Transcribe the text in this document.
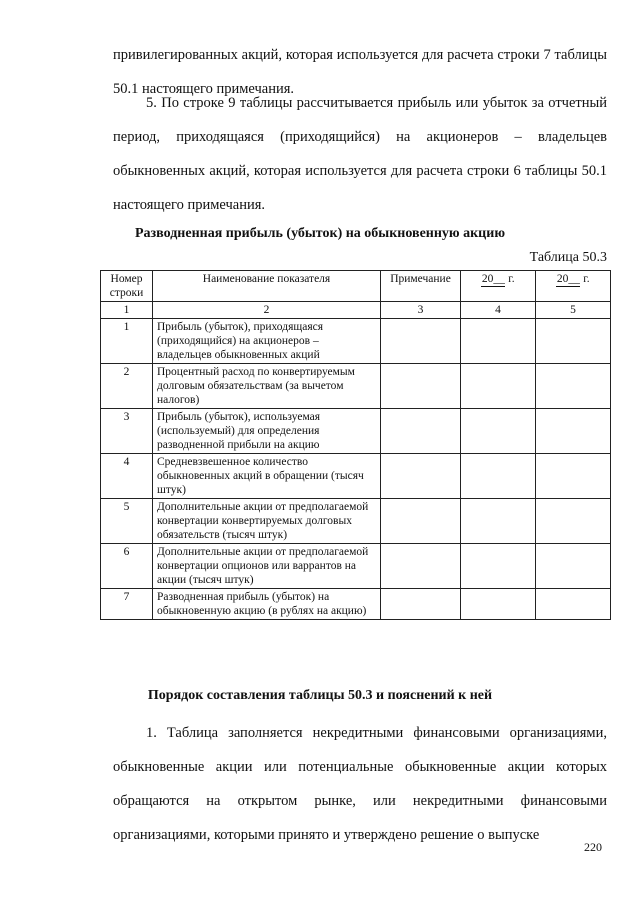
привилегированных акций, которая используется для расчета строки 7 таблицы 50.1 настоящего примечания.
5. По строке 9 таблицы рассчитывается прибыль или убыток за отчетный период, приходящаяся (приходящийся) на акционеров – владельцев обыкновенных акций, которая используется для расчета строки 6 таблицы 50.1 настоящего примечания.
Разводненная прибыль (убыток) на обыкновенную акцию
Таблица 50.3
Номер строки	Наименование показателя	Примечание	20__ г.	20__ г.
1	2	3	4	5
1	Прибыль (убыток), приходящаяся (приходящийся) на акционеров – владельцев обыкновенных акций			
2	Процентный расход по конвертируемым долговым обязательствам (за вычетом налогов)			
3	Прибыль (убыток), используемая (используемый) для определения разводненной прибыли на акцию			
4	Средневзвешенное количество обыкновенных акций в обращении (тысяч штук)			
5	Дополнительные акции от предполагаемой конвертации конвертируемых долговых обязательств (тысяч штук)			
6	Дополнительные акции от предполагаемой конвертации опционов или варрантов на акции (тысяч штук)			
7	Разводненная прибыль (убыток) на обыкновенную акцию (в рублях на акцию)			
Порядок составления таблицы 50.3 и пояснений к ней
1. Таблица заполняется некредитными финансовыми организациями, обыкновенные акции или потенциальные обыкновенные акции которых обращаются на открытом рынке, или некредитными финансовыми организациями, которыми принято и утверждено решение о выпуске
220
